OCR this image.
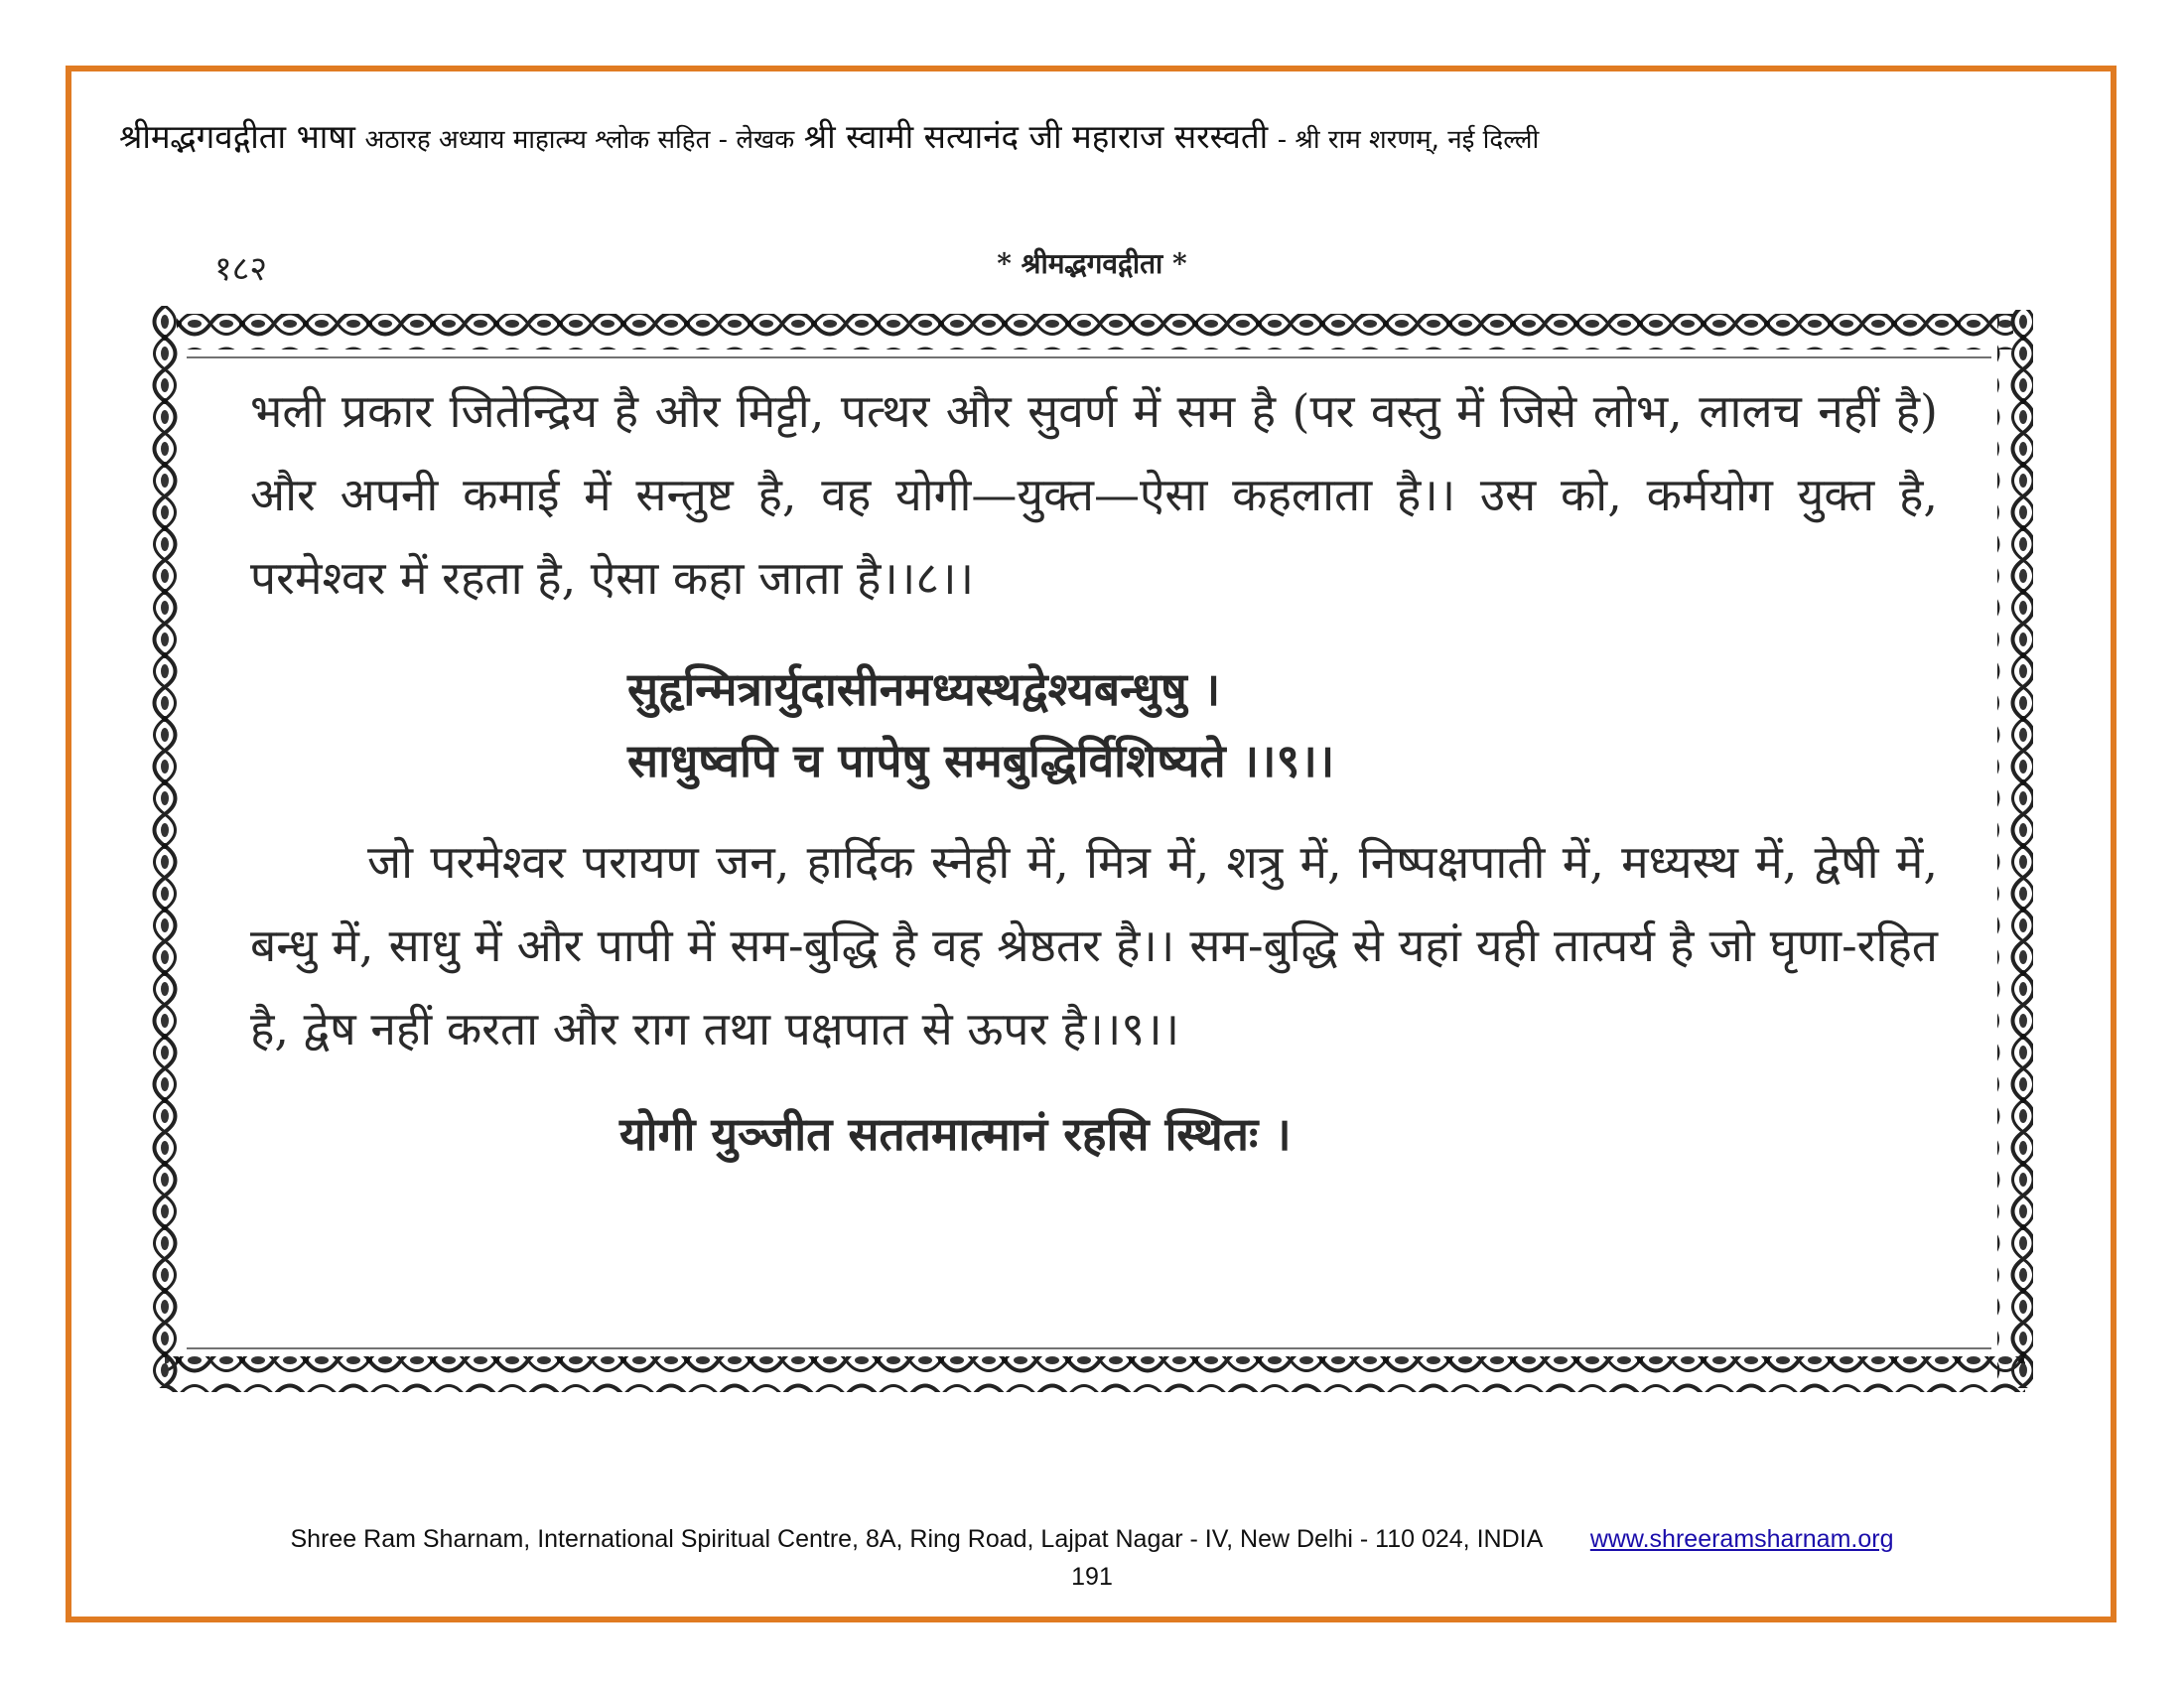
श्रीमद्भगवद्गीता भाषा अठारह अध्याय माहात्म्य श्लोक सहित - लेखक श्री स्वामी सत्यानंद जी महाराज सरस्वती - श्री राम शरणम्, नई दिल्ली
१८२	* श्रीमद्भगवद्गीता *

भली प्रकार जितेन्द्रिय है और मिट्टी, पत्थर और सुवर्ण में सम है (पर वस्तु में जिसे लोभ, लालच नहीं है) और अपनी कमाई में सन्तुष्ट है, वह योगी—युक्त—ऐसा कहलाता है।। उस को, कर्मयोग युक्त है, परमेश्वर में रहता है, ऐसा कहा जाता है।।८।।

सुहृन्मित्रार्युदासीनमध्यस्थद्वेश्यबन्धुषु ।

साधुष्वपि च पापेषु समबुद्धिर्विशिष्यते ।।९।।

जो परमेश्वर परायण जन, हार्दिक स्नेही में, मित्र में, शत्रु में, निष्पक्षपाती में, मध्यस्थ में, द्वेषी में, बन्धु में, साधु में और पापी में सम-बुद्धि है वह श्रेष्ठतर है।। सम-बुद्धि से यहां यही तात्पर्य है जो घृणा-रहित है, द्वेष नहीं करता और राग तथा पक्षपात से ऊपर है।।९।।

योगी युञ्जीत सततमात्मानं रहसि स्थितः ।

Shree Ram Sharnam, International Spiritual Centre, 8A, Ring Road, Lajpat Nagar - IV, New Delhi - 110 024, INDIA www.shreeramsharnam.org
191
